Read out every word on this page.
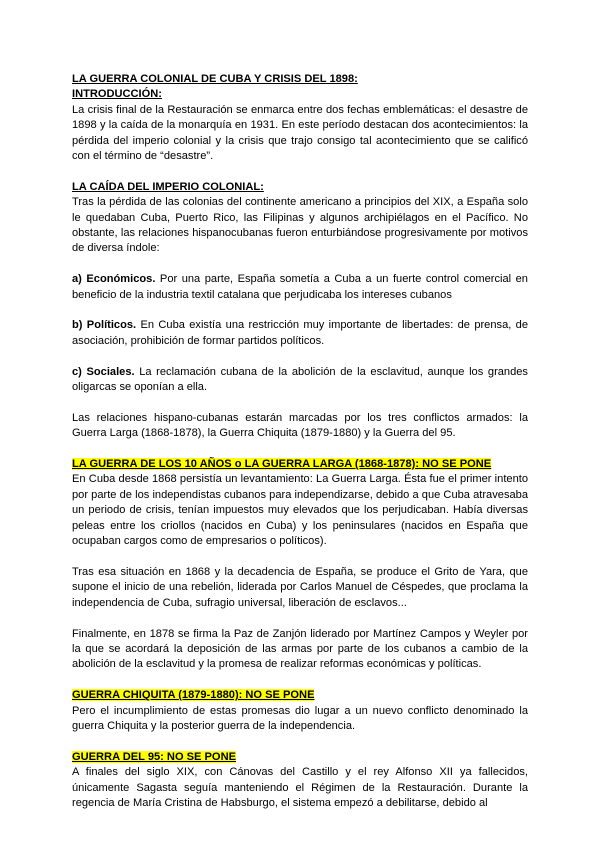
LA GUERRA COLONIAL DE CUBA Y CRISIS DEL 1898:

INTRODUCCIÓN:

La crisis final de la Restauración se enmarca entre dos fechas emblemáticas: el desastre de 1898 y la caída de la monarquía en 1931. En este período destacan dos acontecimientos: la pérdida del imperio colonial y la crisis que trajo consigo tal acontecimiento que se calificó con el término de “desastre”.

LA CAÍDA DEL IMPERIO COLONIAL:

Tras la pérdida de las colonias del continente americano a principios del XIX, a España solo le quedaban Cuba, Puerto Rico, las Filipinas y algunos archipiélagos en el Pacífico. No obstante, las relaciones hispanocubanas fueron enturbiándose progresivamente por motivos de diversa índole:

a) Económicos. Por una parte, España sometía a Cuba a un fuerte control comercial en beneficio de la industria textil catalana que perjudicaba los intereses cubanos

b) Políticos. En Cuba existía una restricción muy importante de libertades: de prensa, de asociación, prohibición de formar partidos políticos.

c) Sociales. La reclamación cubana de la abolición de la esclavitud, aunque los grandes oligarcas se oponían a ella.

Las relaciones hispano-cubanas estarán marcadas por los tres conflictos armados: la Guerra Larga (1868-1878), la Guerra Chiquita (1879-1880) y la Guerra del 95.

LA GUERRA DE LOS 10 AÑOS o LA GUERRA LARGA (1868-1878): NO SE PONE

En Cuba desde 1868 persistía un levantamiento: La Guerra Larga. Ésta fue el primer intento por parte de los independistas cubanos para independizarse, debido a que Cuba atravesaba un periodo de crisis, tenían impuestos muy elevados que los perjudicaban. Había diversas peleas entre los criollos (nacidos en Cuba) y los peninsulares (nacidos en España que ocupaban cargos como de empresarios o políticos).

Tras esa situación en 1868 y la decadencia de España, se produce el Grito de Yara, que supone el inicio de una rebelión, liderada por Carlos Manuel de Céspedes, que proclama la independencia de Cuba, sufragio universal, liberación de esclavos...

Finalmente, en 1878 se firma la Paz de Zanjón liderado por Martínez Campos y Weyler por la que se acordará la deposición de las armas por parte de los cubanos a cambio de la abolición de la esclavitud y la promesa de realizar reformas económicas y políticas.

GUERRA CHIQUITA (1879-1880): NO SE PONE

Pero el incumplimiento de estas promesas dio lugar a un nuevo conflicto denominado la guerra Chiquita y la posterior guerra de la independencia.

GUERRA DEL 95: NO SE PONE

A finales del siglo XIX, con Cánovas del Castillo y el rey Alfonso XII ya fallecidos, únicamente Sagasta seguía manteniendo el Régimen de la Restauración. Durante la regencia de María Cristina de Habsburgo, el sistema empezó a debilitarse, debido al
